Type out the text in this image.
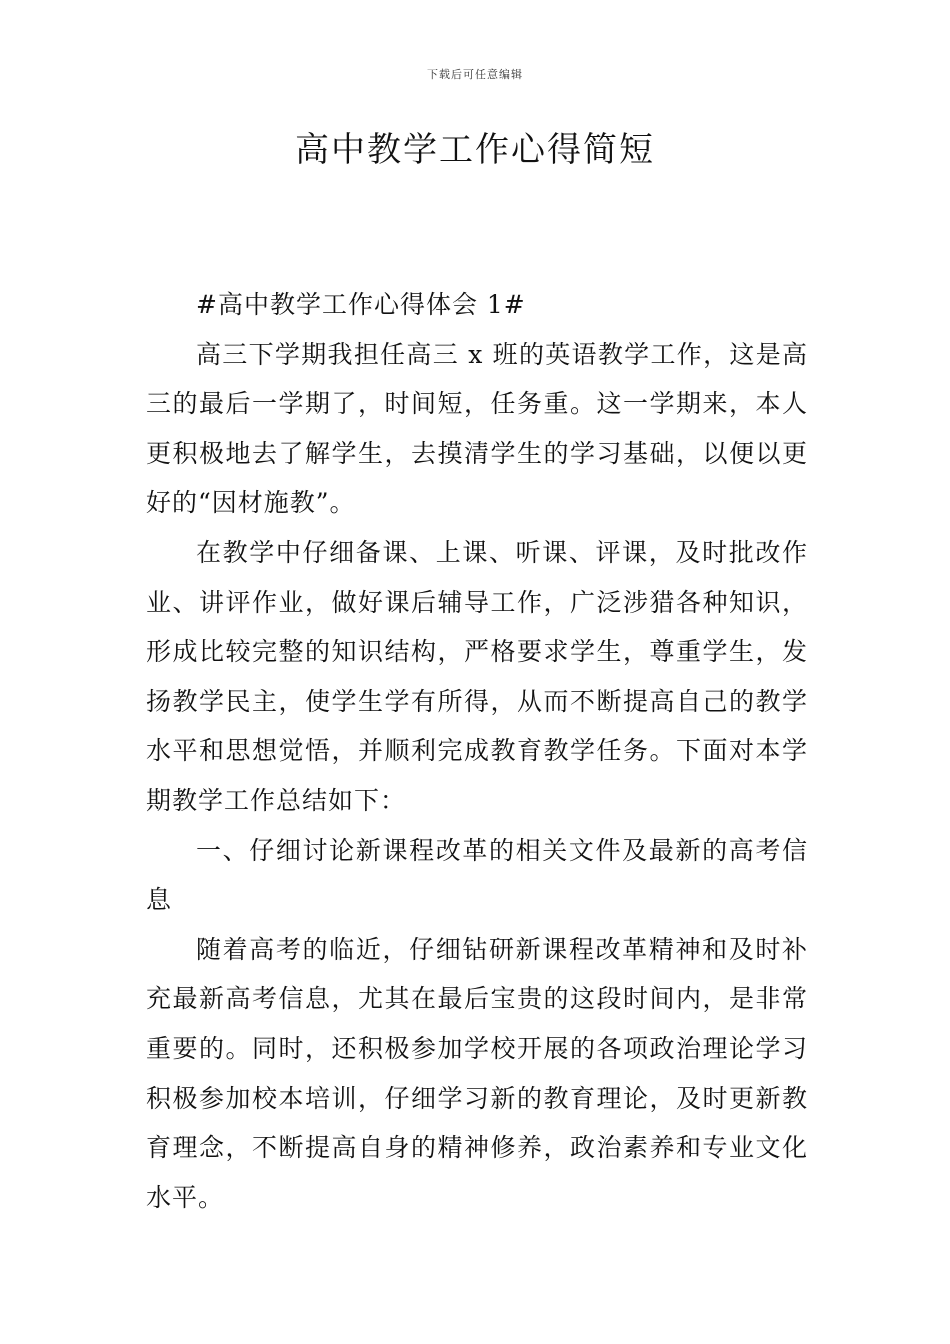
下载后可任意编辑
高中教学工作心得简短

#高中教学工作心得体会 1#

高三下学期我担任高三 x 班的英语教学工作，这是高三的最后一学期了，时间短，任务重。这一学期来，本人更积极地去了解学生，去摸清学生的学习基础，以便以更好的“因材施教”。

在教学中仔细备课、上课、听课、评课，及时批改作业、讲评作业，做好课后辅导工作，广泛涉猎各种知识，形成比较完整的知识结构，严格要求学生，尊重学生，发扬教学民主，使学生学有所得，从而不断提高自己的教学水平和思想觉悟，并顺利完成教育教学任务。下面对本学期教学工作总结如下：

一、仔细讨论新课程改革的相关文件及最新的高考信息

随着高考的临近，仔细钻研新课程改革精神和及时补充最新高考信息，尤其在最后宝贵的这段时间内，是非常重要的。同时，还积极参加学校开展的各项政治理论学习积极参加校本培训，仔细学习新的教育理论，及时更新教育理念，不断提高自身的精神修养，政治素养和专业文化水平。
